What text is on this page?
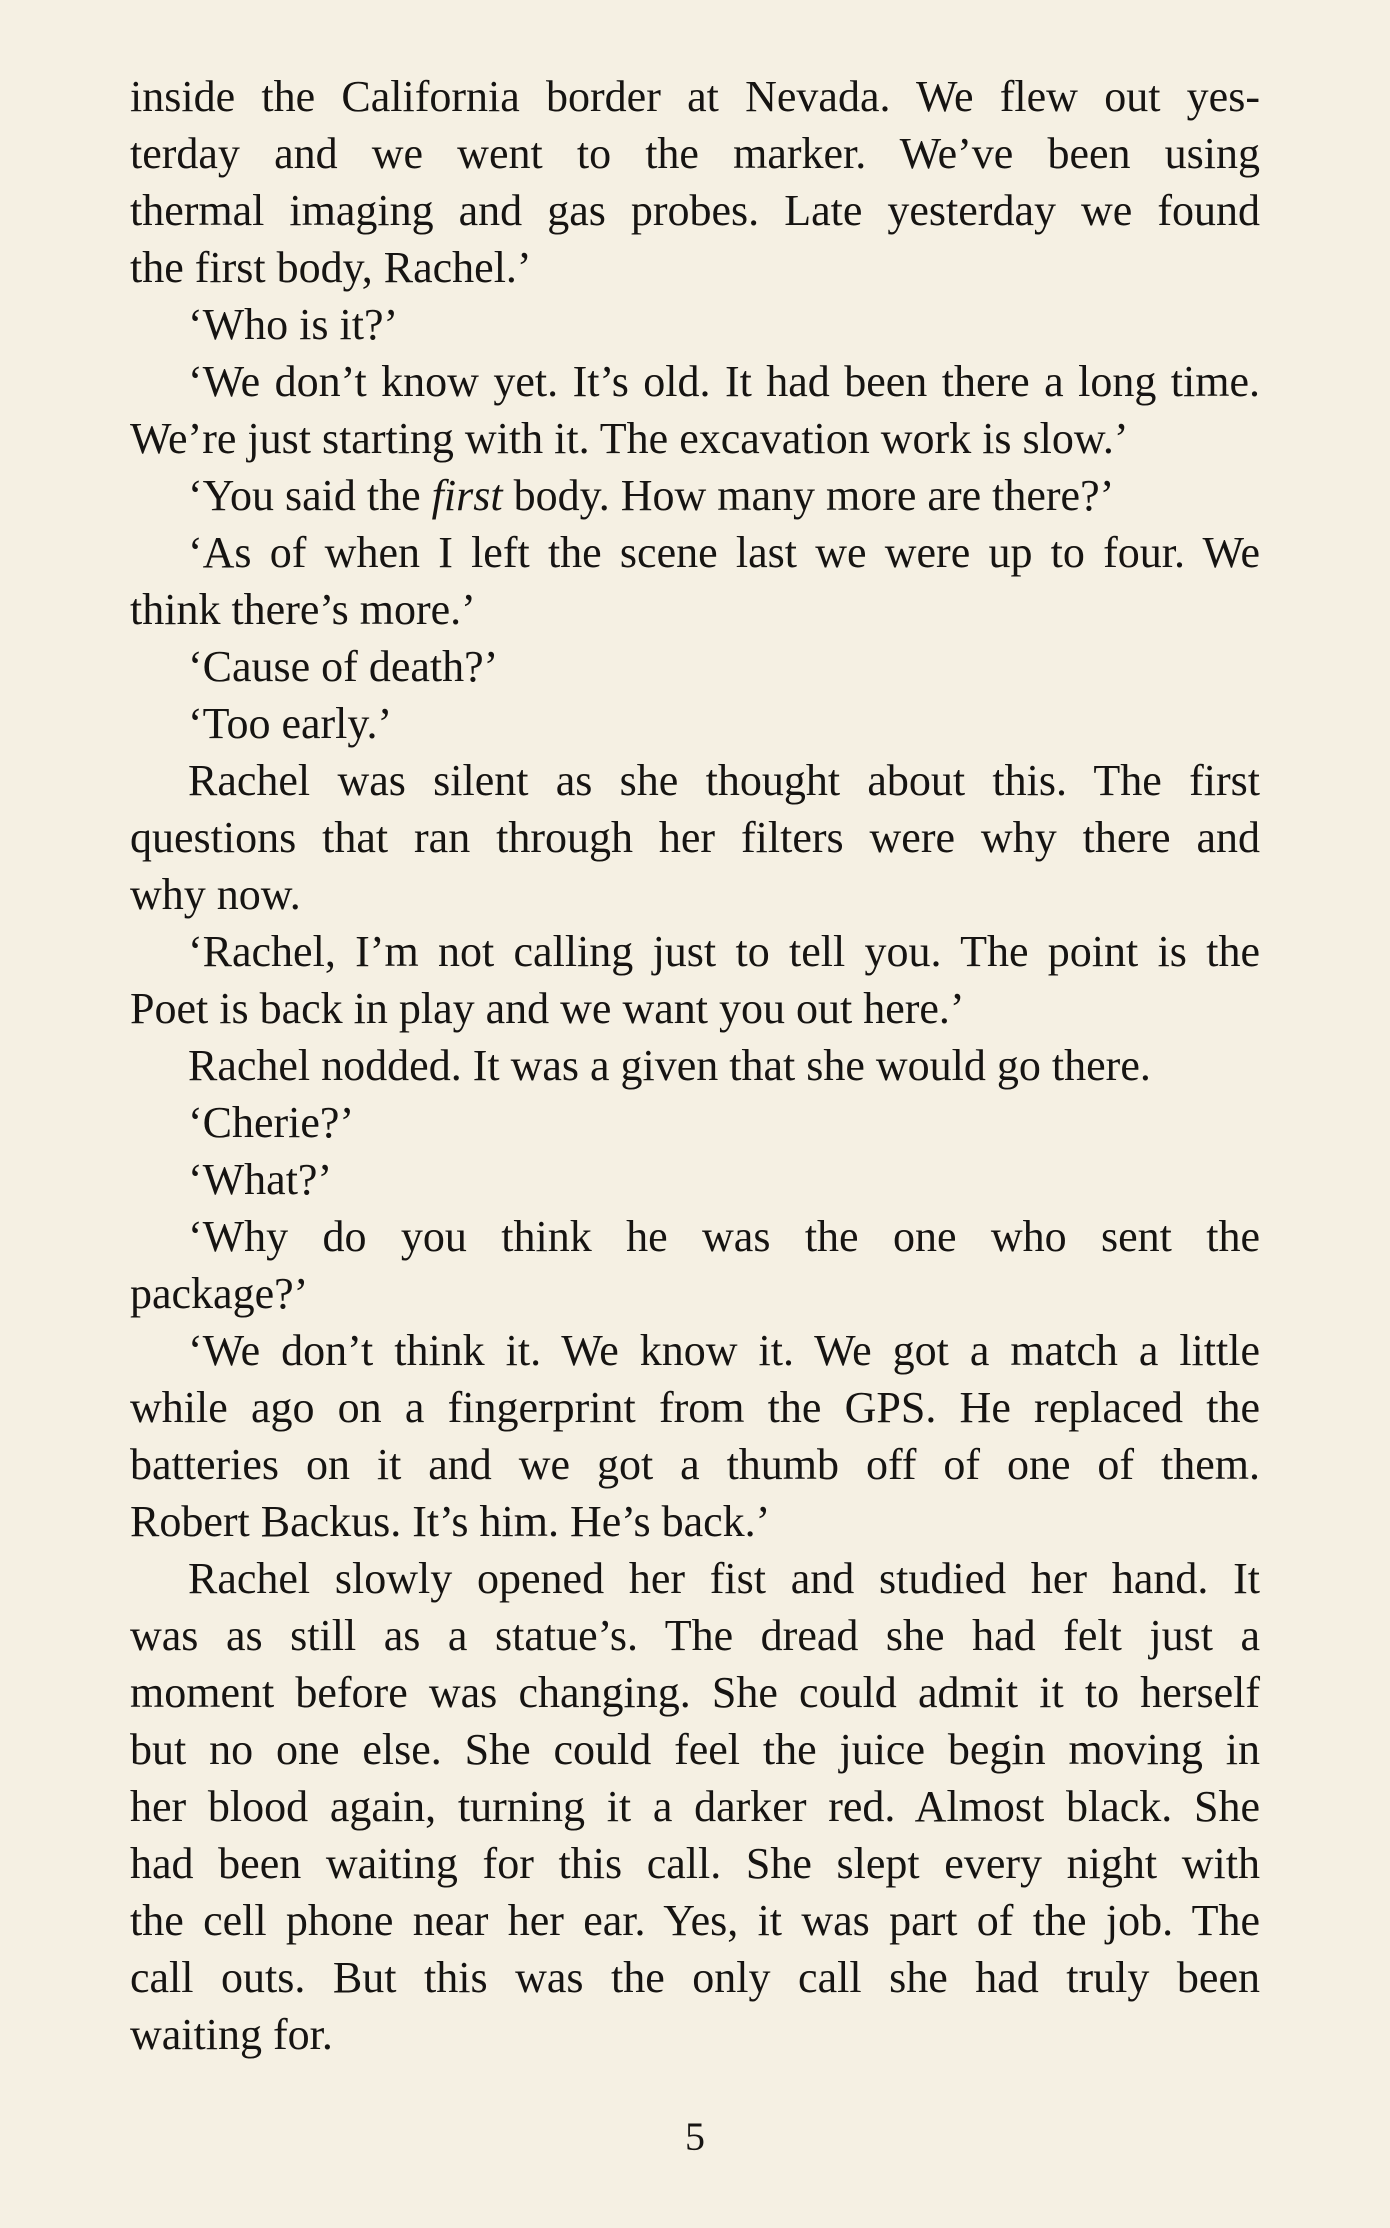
inside the California border at Nevada. We flew out yes-
terday and we went to the marker. We’ve been using
thermal imaging and gas probes. Late yesterday we found
the first body, Rachel.’
‘Who is it?’
‘We don’t know yet. It’s old. It had been there a long time.
We’re just starting with it. The excavation work is slow.’
‘You said the first body. How many more are there?’
‘As of when I left the scene last we were up to four. We
think there’s more.’
‘Cause of death?’
‘Too early.’
Rachel was silent as she thought about this. The first
questions that ran through her filters were why there and
why now.
‘Rachel, I’m not calling just to tell you. The point is the
Poet is back in play and we want you out here.’
Rachel nodded. It was a given that she would go there.
‘Cherie?’
‘What?’
‘Why do you think he was the one who sent the
package?’
‘We don’t think it. We know it. We got a match a little
while ago on a fingerprint from the GPS. He replaced the
batteries on it and we got a thumb off of one of them.
Robert Backus. It’s him. He’s back.’
Rachel slowly opened her fist and studied her hand. It
was as still as a statue’s. The dread she had felt just a
moment before was changing. She could admit it to herself
but no one else. She could feel the juice begin moving in
her blood again, turning it a darker red. Almost black. She
had been waiting for this call. She slept every night with
the cell phone near her ear. Yes, it was part of the job. The
call outs. But this was the only call she had truly been
waiting for.
5
